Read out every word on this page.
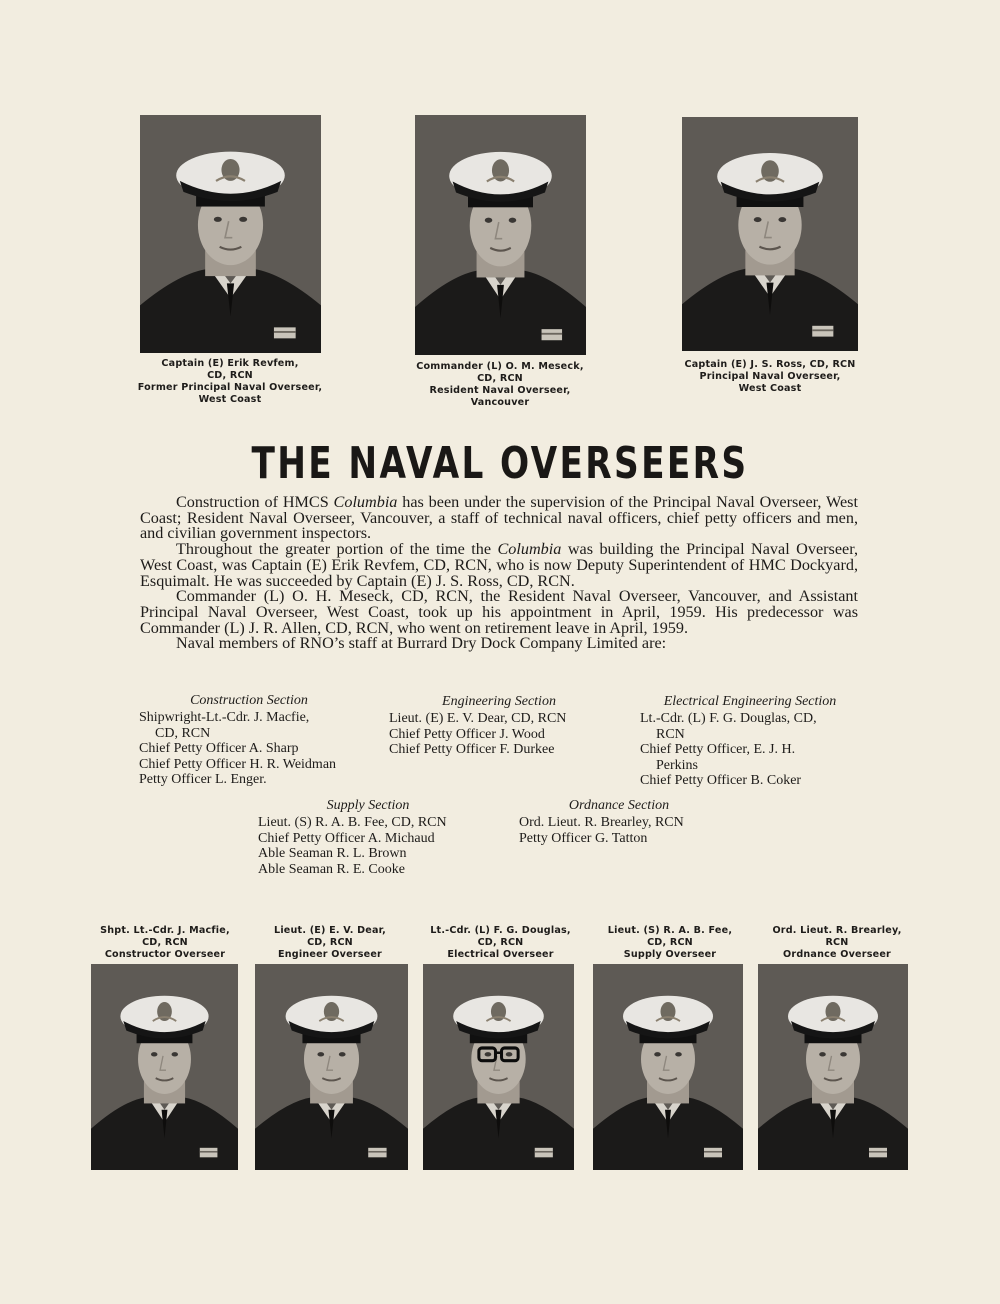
Captain (E) Erik Revfem,
CD, RCN
Former Principal Naval Overseer,
West Coast
Commander (L) O. M. Meseck,
CD, RCN
Resident Naval Overseer,
Vancouver
Captain (E) J. S. Ross, CD, RCN
Principal Naval Overseer,
West Coast
THE NAVAL OVERSEERS

Construction of HMCS Columbia has been under the supervision of the Principal Naval Overseer, West Coast; Resident Naval Overseer, Vancouver, a staff of technical naval officers, chief petty officers and men, and civilian government inspectors.

Throughout the greater portion of the time the Columbia was building the Principal Naval Overseer, West Coast, was Captain (E) Erik Revfem, CD, RCN, who is now Deputy Superintendent of HMC Dockyard, Esquimalt. He was succeeded by Captain (E) J. S. Ross, CD, RCN.

Commander (L) O. H. Meseck, CD, RCN, the Resident Naval Overseer, Vancouver, and Assistant Principal Naval Overseer, West Coast, took up his appointment in April, 1959. His predecessor was Commander (L) J. R. Allen, CD, RCN, who went on retirement leave in April, 1959.

Naval members of RNO’s staff at Burrard Dry Dock Company Limited are:

Construction Section
Shipwright-Lt.-Cdr. J. Macfie,
CD, RCN
Chief Petty Officer A. Sharp
Chief Petty Officer H. R. Weidman
Petty Officer L. Enger.
Engineering Section
Lieut. (E) E. V. Dear, CD, RCN
Chief Petty Officer J. Wood
Chief Petty Officer F. Durkee
Electrical Engineering Section
Lt.-Cdr. (L) F. G. Douglas, CD,
RCN
Chief Petty Officer, E. J. H.
Perkins
Chief Petty Officer B. Coker
Supply Section
Lieut. (S) R. A. B. Fee, CD, RCN
Chief Petty Officer A. Michaud
Able Seaman R. L. Brown
Able Seaman R. E. Cooke
Ordnance Section
Ord. Lieut. R. Brearley, RCN
Petty Officer G. Tatton
Shpt. Lt.-Cdr. J. Macfie,
CD, RCN
Constructor Overseer
Lieut. (E) E. V. Dear,
CD, RCN
Engineer Overseer
Lt.-Cdr. (L) F. G. Douglas,
CD, RCN
Electrical Overseer
Lieut. (S) R. A. B. Fee,
CD, RCN
Supply Overseer
Ord. Lieut. R. Brearley,
RCN
Ordnance Overseer
